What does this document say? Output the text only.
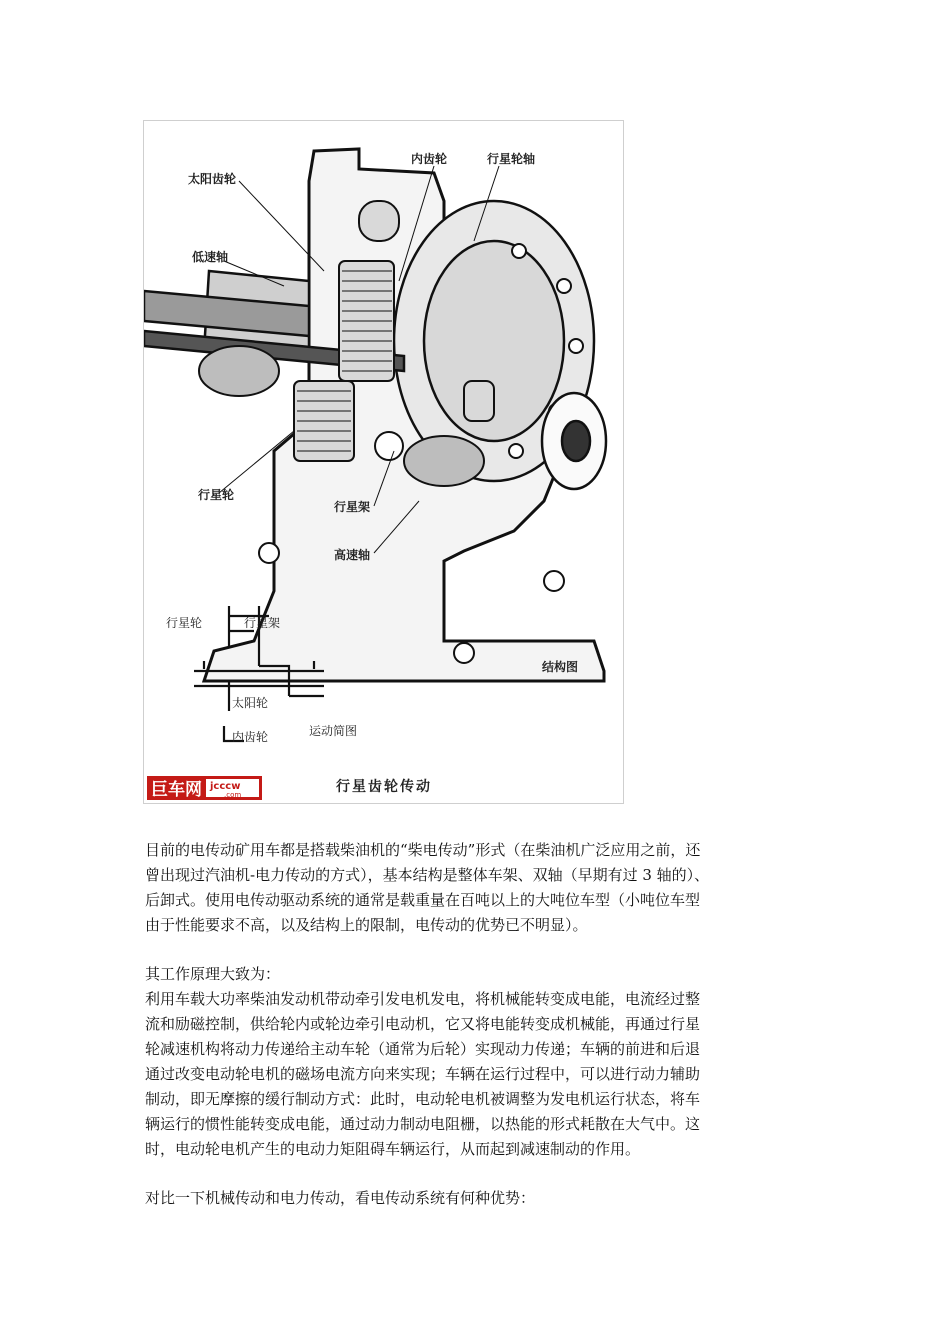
内齿轮	行星轮轴
太阳齿轮
低速轴
行星轮
行星架
高速轴
结构图
行星轮	行星架
太阳轮
内齿轮	运动简图
巨车网 jcccw
.com	行星齿轮传动
目前的电传动矿用车都是搭载柴油机的“柴电传动”形式（在柴油机广泛应用之前，还
曾出现过汽油机-电力传动的方式），基本结构是整体车架、双轴（早期有过 3 轴的）、
后卸式。使用电传动驱动系统的通常是载重量在百吨以上的大吨位车型（小吨位车型
由于性能要求不高，以及结构上的限制，电传动的优势已不明显）。
其工作原理大致为：
利用车载大功率柴油发动机带动牵引发电机发电，将机械能转变成电能，电流经过整
流和励磁控制，供给轮内或轮边牵引电动机，它又将电能转变成机械能，再通过行星
轮减速机构将动力传递给主动车轮（通常为后轮）实现动力传递；车辆的前进和后退
通过改变电动轮电机的磁场电流方向来实现；车辆在运行过程中，可以进行动力辅助
制动，即无摩擦的缓行制动方式：此时，电动轮电机被调整为发电机运行状态，将车
辆运行的惯性能转变成电能，通过动力制动电阻栅，以热能的形式耗散在大气中。这
时，电动轮电机产生的电动力矩阻碍车辆运行，从而起到减速制动的作用。
对比一下机械传动和电力传动，看电传动系统有何种优势：
